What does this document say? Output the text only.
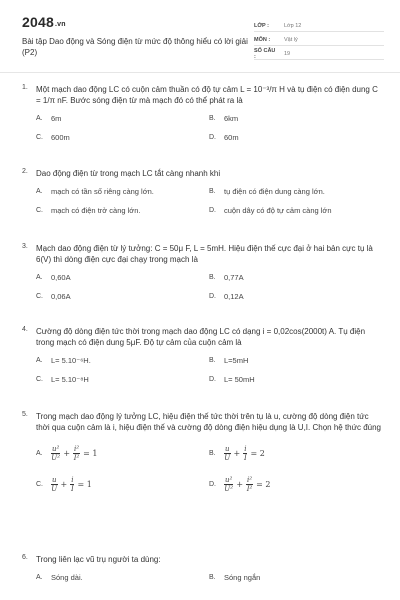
2048.vn
Bài tập Dao động và Sóng điện từ mức độ thông hiểu có lời giải (P2)
LỚP :	Lớp 12
MÔN :	Vật lý
SỐ CÂU :	19
1.	Một mạch dao động LC có cuộn cảm thuần có độ tự cảm L = 10⁻³/π H và tụ điện có điện dung C = 1/π nF. Bước sóng điện từ mà mạch đó có thể phát ra là
A.	6m	B.	6km
C.	600m	D.	60m
2.	Dao động điện từ trong mạch LC tắt càng nhanh khi
A.	mạch có tần số riêng càng lớn.	B.	tụ điện có điện dung càng lớn.
C.	mạch có điện trở càng lớn.	D.	cuộn dây có độ tự cảm càng lớn
3.	Mạch dao động điện từ lý tưởng: C = 50μ F, L = 5mH. Hiệu điện thế cực đại ở hai bản cực tụ là 6(V) thì dòng điện cực đại chạy trong mạch là
A.	0,60A	B.	0,77A
C.	0,06A	D.	0,12A
4.	Cường độ dòng điện tức thời trong mạch dao động LC có dạng i = 0,02cos(2000t) A. Tụ điện trong mạch có điện dung 5μF. Độ tự cảm của cuộn cảm là
A.	L= 5.10⁻⁶H.	B.	L=5mH
C.	L= 5.10⁻⁸H	D.	L= 50mH
5.	Trong mạch dao động lý tưởng LC, hiệu điện thế tức thời trên tụ là u, cường độ dòng điện tức thời qua cuộn cảm là i, hiệu điện thế và cường độ dòng điện hiệu dụng là U,I. Chọn hệ thức đúng
A.	$\frac{\text{u²}}{\text{U²}} + \frac{\text{i²}}{\text{I²}} = 1$	B.	$\frac{u}{U} + \frac{i}{I} = 2$
C.	$\frac{u}{U} + \frac{i}{I} = 1$	D.	$\frac{\text{u²}}{\text{U²}} + \frac{\text{i²}}{\text{I²}} = 2$
6.	Trong liên lạc vũ trụ người ta dùng:
A.	Sóng dài.	B.	Sóng ngắn
